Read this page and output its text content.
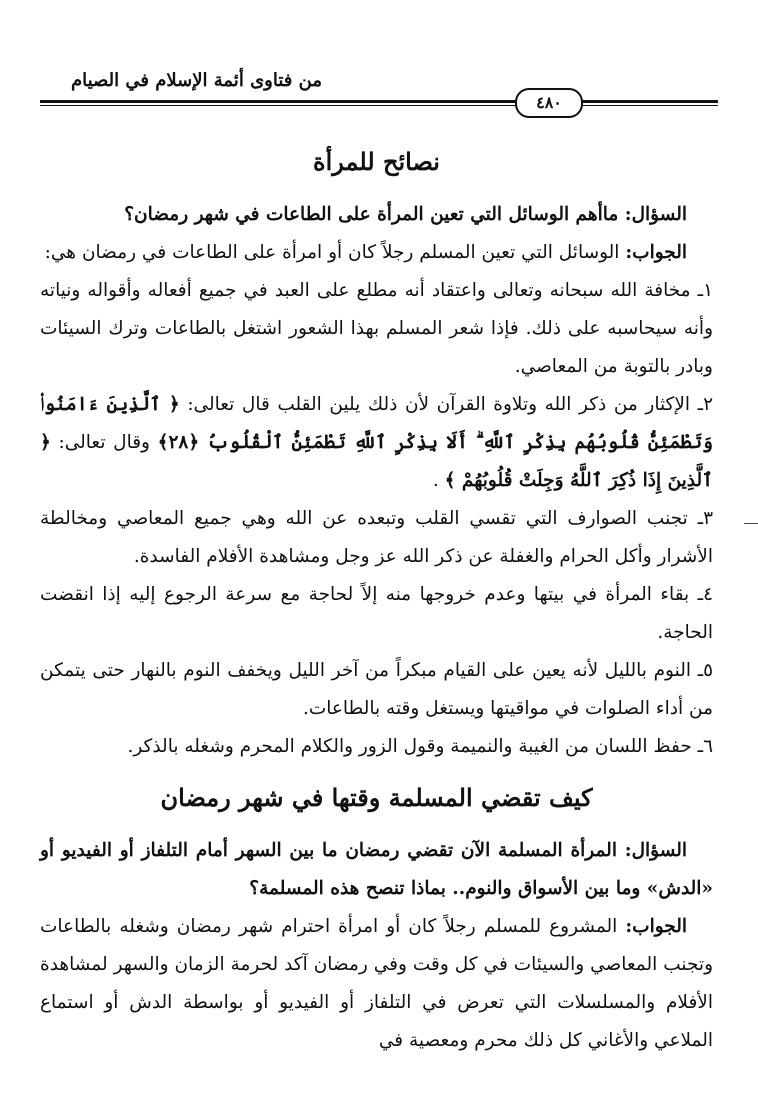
من فتاوى أئمة الإسلام في الصيام
٤٨٠
نصائح للمرأة

السؤال: ماأهم الوسائل التي تعين المرأة على الطاعات في شهر رمضان؟

الجواب: الوسائل التي تعين المسلم رجلاً كان أو امرأة على الطاعات في رمضان هي:

١ـ مخافة الله سبحانه وتعالى واعتقاد أنه مطلع على العبد في جميع أفعاله وأقواله ونياته وأنه سيحاسبه على ذلك. فإذا شعر المسلم بهذا الشعور اشتغل بالطاعات وترك السيئات وبادر بالتوبة من المعاصي.

٢ـ الإكثار من ذكر الله وتلاوة القرآن لأن ذلك يلين القلب قال تعالى: ﴿ ٱلَّذِينَ ءَامَنُوا۟ وَتَطْمَئِنُّ قُلُوبُهُم بِذِكْرِ ٱللَّهِ ۗ أَلَا بِذِكْرِ ٱللَّهِ تَطْمَئِنُّ ٱلْقُلُوبُ ﴿٢٨﴾ وقال تعالى: ﴿ ٱلَّذِينَ إِذَا ذُكِرَ ٱللَّهُ وَجِلَتْ قُلُوبُهُمْ ﴾ .

٣ـ تجنب الصوارف التي تقسي القلب وتبعده عن الله وهي جميع المعاصي ومخالطة الأشرار وأكل الحرام والغفلة عن ذكر الله عز وجل ومشاهدة الأفلام الفاسدة.

٤ـ بقاء المرأة في بيتها وعدم خروجها منه إلاً لحاجة مع سرعة الرجوع إليه إذا انقضت الحاجة.

٥ـ النوم بالليل لأنه يعين على القيام مبكراً من آخر الليل ويخفف النوم بالنهار حتى يتمكن من أداء الصلوات في مواقيتها ويستغل وقته بالطاعات.

٦ـ حفظ اللسان من الغيبة والنميمة وقول الزور والكلام المحرم وشغله بالذكر.

كيف تقضي المسلمة وقتها في شهر رمضان

السؤال: المرأة المسلمة الآن تقضي رمضان ما بين السهر أمام التلفاز أو الفيديو أو «الدش» وما بين الأسواق والنوم.. بماذا تنصح هذه المسلمة؟

الجواب: المشروع للمسلم رجلاً كان أو امرأة احترام شهر رمضان وشغله بالطاعات وتجنب المعاصي والسيئات في كل وقت وفي رمضان آكد لحرمة الزمان والسهر لمشاهدة الأفلام والمسلسلات التي تعرض في التلفاز أو الفيديو أو بواسطة الدش أو استماع الملاعي والأغاني كل ذلك محرم ومعصية في
